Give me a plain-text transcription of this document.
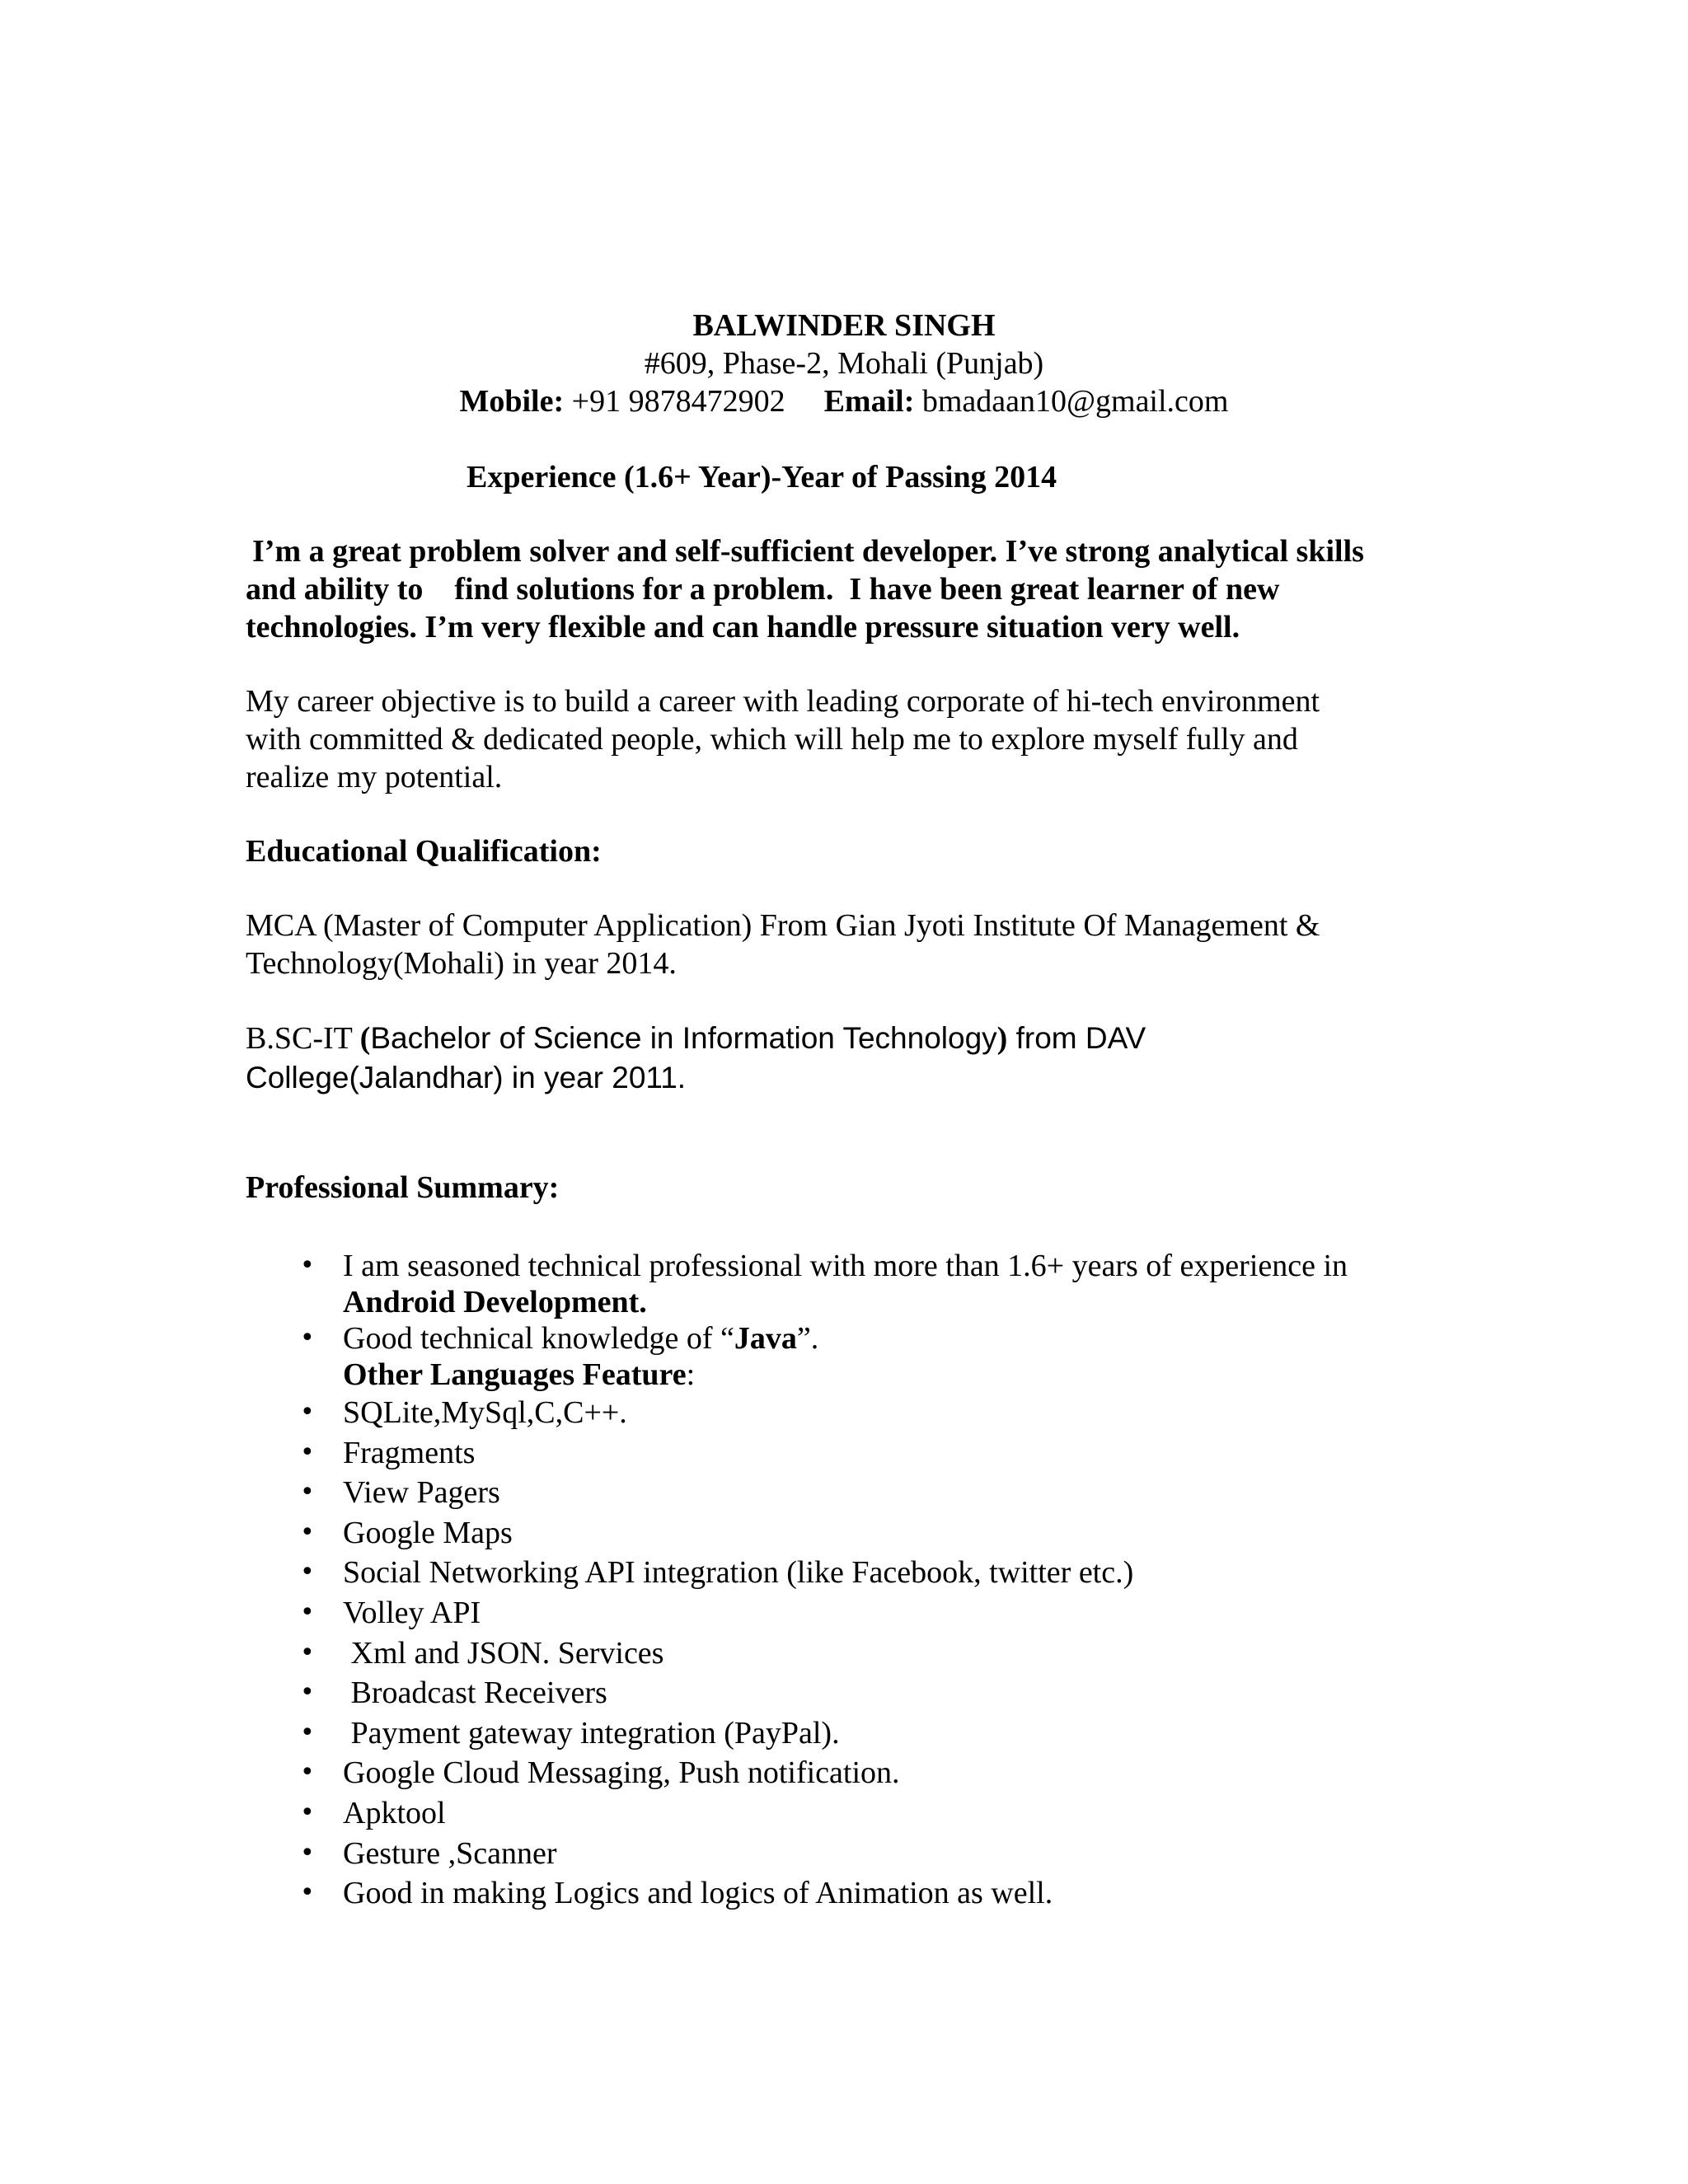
BALWINDER SINGH
#609, Phase-2, Mohali (Punjab)
Mobile: +91 9878472902 Email: bmadaan10@gmail.com
Experience (1.6+ Year)-Year of Passing 2014
I’m a great problem solver and self-sufficient developer. I’ve strong analytical skills
and ability to    find solutions for a problem.  I have been great learner of new
technologies. I’m very flexible and can handle pressure situation very well.
My career objective is to build a career with leading corporate of hi-tech environment
with committed & dedicated people, which will help me to explore myself fully and
realize my potential.
Educational Qualification:
MCA (Master of Computer Application) From Gian Jyoti Institute Of Management &
Technology(Mohali) in year 2014.
B.SC-IT (Bachelor of Science in Information Technology) from DAV
College(Jalandhar) in year 2011.
Professional Summary:
• I am seasoned technical professional with more than 1.6+ years of experience in
Android Development.
• Good technical knowledge of “Java”.
Other Languages Feature:
• SQLite,MySql,C,C++.
• Fragments
• View Pagers
• Google Maps
• Social Networking API integration (like Facebook, twitter etc.)
• Volley API
• Xml and JSON. Services
• Broadcast Receivers
• Payment gateway integration (PayPal).
• Google Cloud Messaging, Push notification.
• Apktool
• Gesture ,Scanner
• Good in making Logics and logics of Animation as well.
